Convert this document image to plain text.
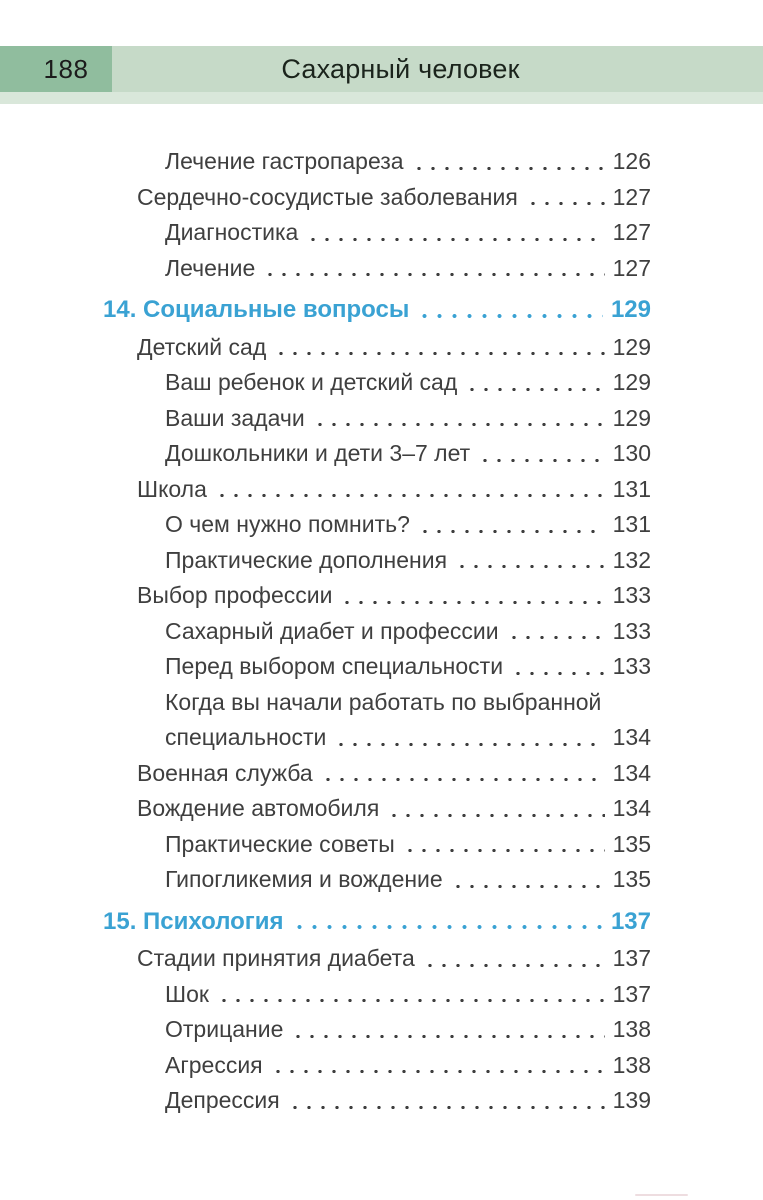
188	Сахарный человек
Лечение гастропареза	126
Сердечно-сосудистые заболевания	127
Диагностика	127
Лечение	127
14. Социальные вопросы	129
Детский сад	129
Ваш ребенок и детский сад	129
Ваши задачи	129
Дошкольники и дети 3–7 лет	130
Школа	131
О чем нужно помнить?	131
Практические дополнения	132
Выбор профессии	133
Сахарный диабет и профессии	133
Перед выбором специальности	133
Когда вы начали работать по выбранной
специальности	134
Военная служба	134
Вождение автомобиля	134
Практические советы	135
Гипогликемия и вождение	135
15. Психология	137
Стадии принятия диабета	137
Шок	137
Отрицание	138
Агрессия	138
Депрессия	139
